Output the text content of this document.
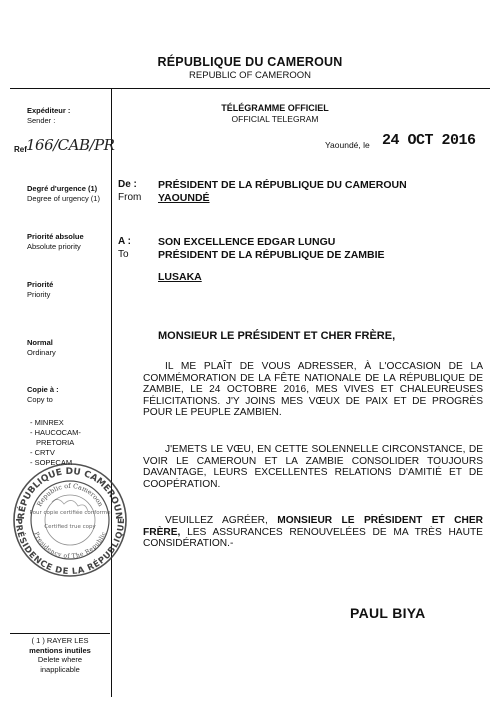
RÉPUBLIQUE DU CAMEROUN
REPUBLIC OF CAMEROON
TÉLÉGRAMME OFFICIEL
OFFICIAL TELEGRAM
Expéditeur :
Sender :
Ref 166/CAB/PR
Degré d'urgence (1)
Degree of urgency (1)
Priorité absolue
Absolute priority
Priorité
Priority
Normal
Ordinary
Copie à :
Copy to
- MINREX
- HAUCOCAM-
PRETORIA
- CRTV
- SOPECAM
Yaoundé, le 24 OCT 2016
De :
From
PRÉSIDENT DE LA RÉPUBLIQUE DU CAMEROUN
YAOUNDÉ
A :
To
SON EXCELLENCE EDGAR LUNGU
PRÉSIDENT DE LA RÉPUBLIQUE DE ZAMBIE
LUSAKA
MONSIEUR LE PRÉSIDENT ET CHER FRÈRE,
IL ME PLAÎT DE VOUS ADRESSER, À L'OCCASION DE LA COMMÉMORATION DE LA FÊTE NATIONALE DE LA RÉPUBLIQUE DE ZAMBIE, LE 24 OCTOBRE 2016, MES VIVES ET CHALEUREUSES FÉLICITATIONS. J'Y JOINS MES VŒUX DE PAIX ET DE PROGRÈS POUR LE PEUPLE ZAMBIEN.
J'EMETS LE VŒU, EN CETTE SOLENNELLE CIRCONSTANCE, DE VOIR LE CAMEROUN ET LA ZAMBIE CONSOLIDER TOUJOURS DAVANTAGE, LEURS EXCELLENTES RELATIONS D'AMITIÉ ET DE COOPÉRATION.
VEUILLEZ AGRÉER, MONSIEUR LE PRÉSIDENT ET CHER FRÈRE, LES ASSURANCES RENOUVELÉES DE MA TRÈS HAUTE CONSIDÉRATION.-
PAUL BIYA
RÉPUBLIQUE DU CAMEROUN
PRÉSIDENCE DE LA RÉPUBLIQUE
Republic of Cameroon
Presidency of The Republic
Pour copie certifiée conforme
Certified true copy
( 1 ) RAYER LES
mentions inutiles
Delete where
inapplicable
